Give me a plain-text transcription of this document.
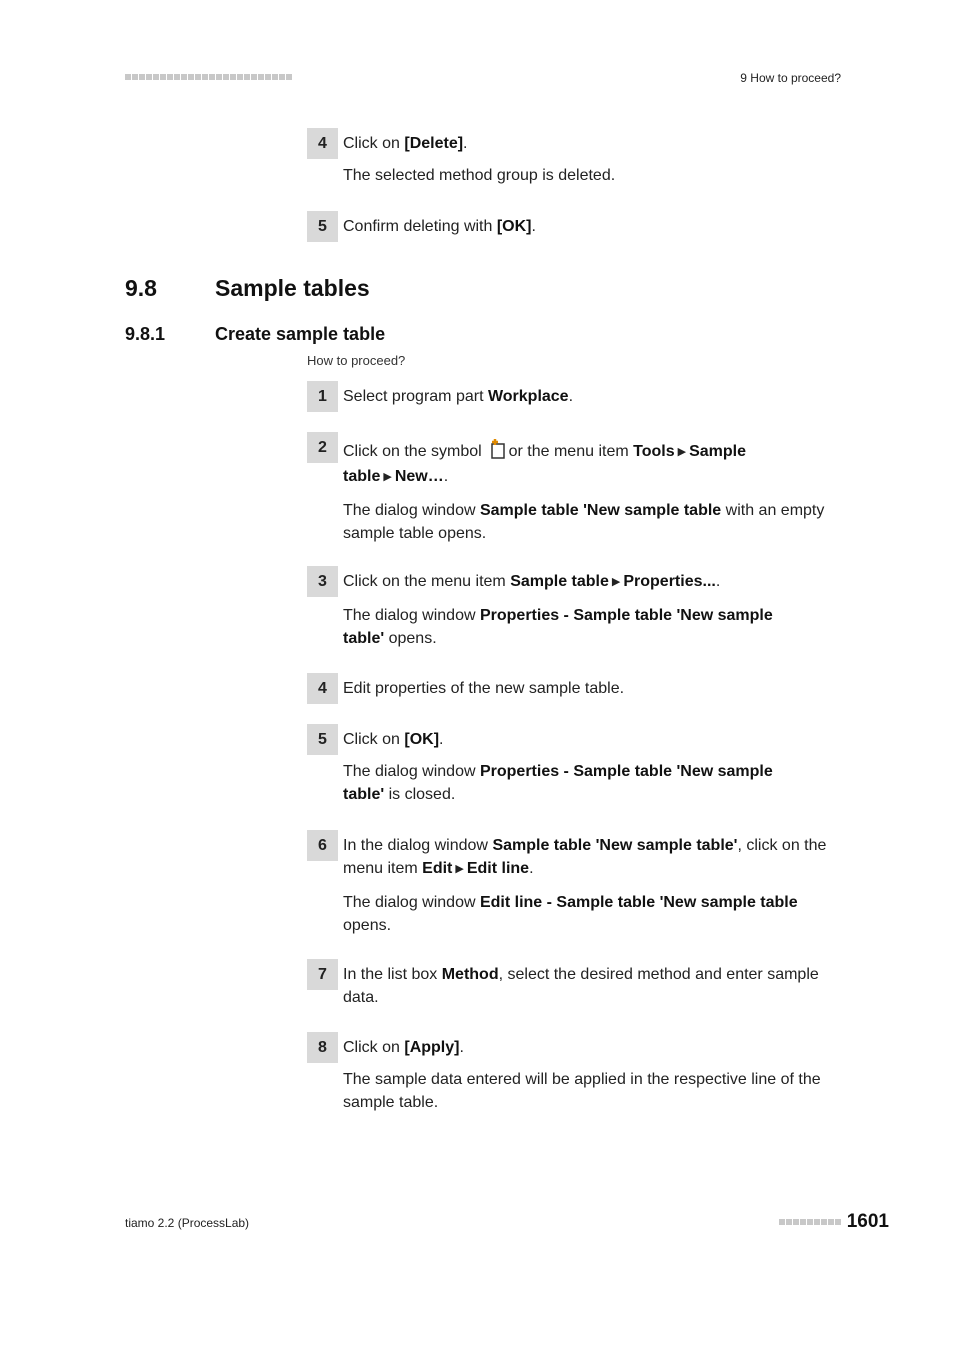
9 How to proceed?
4	Click on [Delete].
The selected method group is deleted.
5	Confirm deleting with [OK].
9.8	Sample tables
9.8.1	Create sample table
How to proceed?
1	Select program part Workplace.
2	Click on the symbol
or the menu item Tools ▶ Sample table ▶ New….
The dialog window Sample table 'New sample table with an empty sample table opens.
3	Click on the menu item Sample table ▶ Properties....
The dialog window Properties - Sample table 'New sample table' opens.
4	Edit properties of the new sample table.
5	Click on [OK].
The dialog window Properties - Sample table 'New sample table' is closed.
6	In the dialog window Sample table 'New sample table', click on the menu item Edit ▶ Edit line.
The dialog window Edit line - Sample table 'New sample table opens.
7	In the list box Method, select the desired method and enter sample data.
8	Click on [Apply].
The sample data entered will be applied in the respective line of the sample table.
tiamo 2.2 (ProcessLab)	1601
